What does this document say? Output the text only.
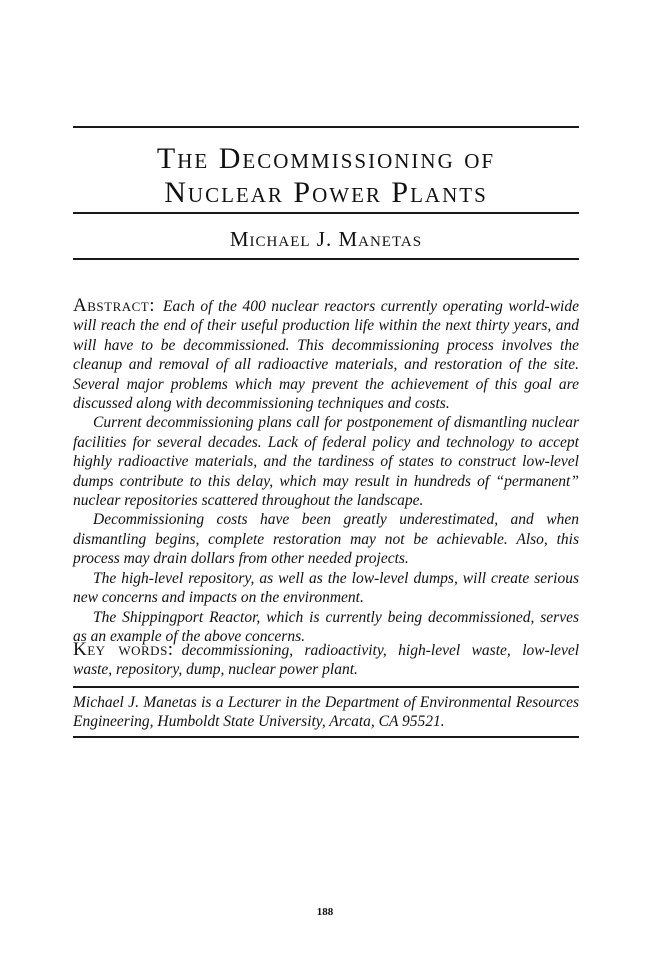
The Decommissioning of
Nuclear Power Plants

Michael J. Manetas

Abstract: Each of the 400 nuclear reactors currently operating world-wide will reach the end of their useful production life within the next thirty years, and will have to be decommissioned. This decommissioning process involves the cleanup and removal of all radioactive materials, and restoration of the site. Several major problems which may prevent the achievement of this goal are discussed along with decommissioning techniques and costs.

Current decommissioning plans call for postponement of dismantling nuclear facilities for several decades. Lack of federal policy and technology to accept highly radioactive materials, and the tardiness of states to construct low-level dumps contribute to this delay, which may result in hundreds of “permanent” nuclear repositories scattered throughout the landscape.

Decommissioning costs have been greatly underestimated, and when dismantling begins, complete restoration may not be achievable. Also, this process may drain dollars from other needed projects.

The high-level repository, as well as the low-level dumps, will create serious new concerns and impacts on the environment.

The Shippingport Reactor, which is currently being decommissioned, serves as an example of the above concerns.

Key words: decommissioning, radioactivity, high-level waste, low-level waste, repository, dump, nuclear power plant.

Michael J. Manetas is a Lecturer in the Department of Environmental Resources Engineering, Humboldt State University, Arcata, CA 95521.

188
